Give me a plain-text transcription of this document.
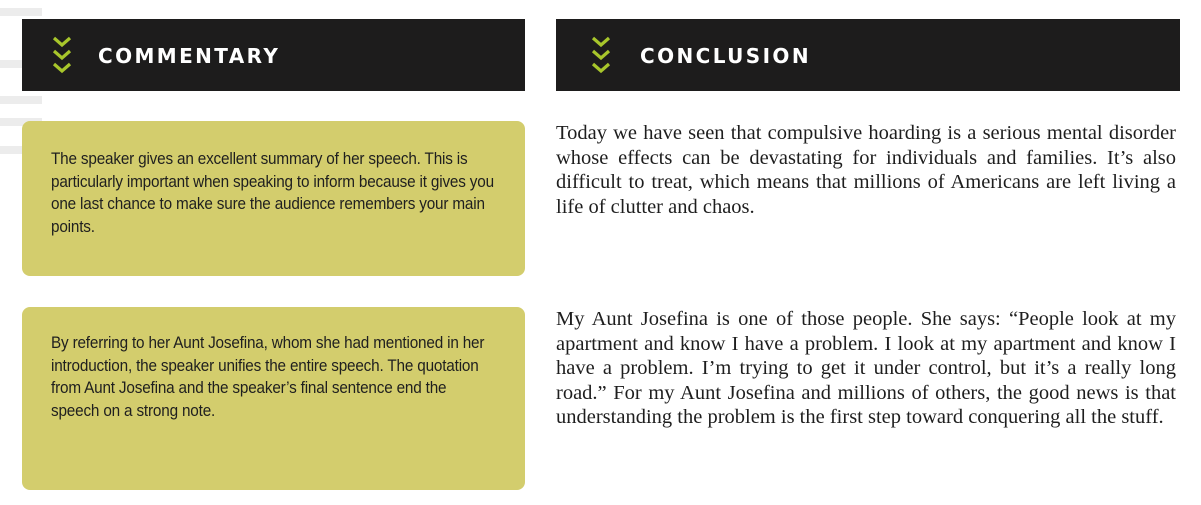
COMMENTARY	CONCLUSION

The speaker gives an excellent summary of her speech. This is particularly important when speaking to inform because it gives you one last chance to make sure the audience remembers your main points.

By referring to her Aunt Josefina, whom she had mentioned in her introduction, the speaker unifies the entire speech. The quotation from Aunt Josefina and the speaker’s final sentence end the speech on a strong note.

Today we have seen that compulsive hoarding is a serious mental disorder whose effects can be devastating for individuals and families. It’s also difficult to treat, which means that millions of Americans are left living a life of clutter and chaos.

My Aunt Josefina is one of those people. She says: “People look at my apartment and know I have a problem. I look at my apartment and know I have a problem. I’m trying to get it under control, but it’s a really long road.” For my Aunt Josefina and millions of others, the good news is that understanding the problem is the first step toward conquering all the stuff.
